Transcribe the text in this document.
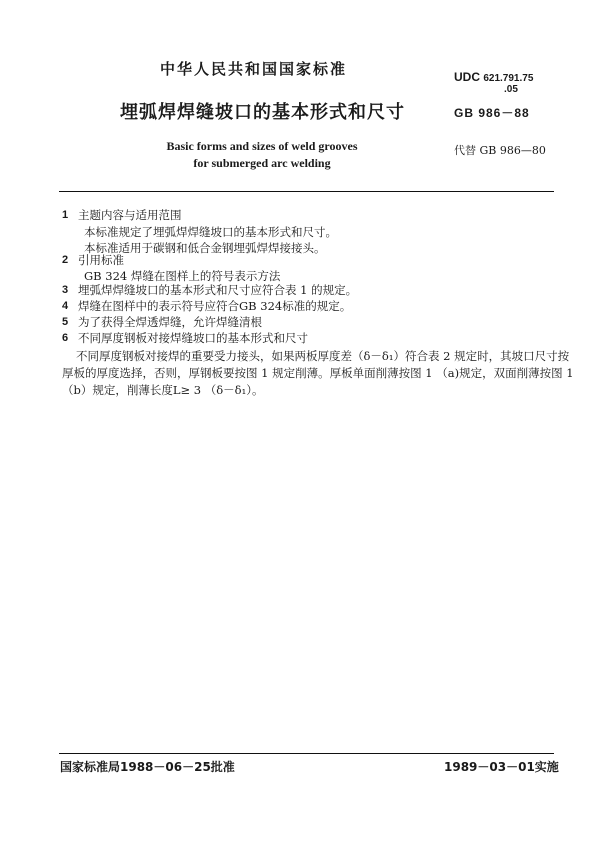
中华人民共和国国家标准	UDC 621.791.75
.05
埋弧焊焊缝坡口的基本形式和尺寸	GB 986－88
Basic forms and sizes of weld grooves
for submerged arc welding
代替 GB 986—80
1 主题内容与适用范围
本标准规定了埋弧焊焊缝坡口的基本形式和尺寸。
本标准适用于碳钢和低合金钢埋弧焊焊接接头。
2 引用标准
GB 324 焊缝在图样上的符号表示方法
3 埋弧焊焊缝坡口的基本形式和尺寸应符合表 1 的规定。
4 焊缝在图样中的表示符号应符合GB 324标准的规定。
5 为了获得全焊透焊缝，允许焊缝清根
6 不同厚度钢板对接焊缝坡口的基本形式和尺寸
不同厚度钢板对接焊的重要受力接头，如果两板厚度差（δ－δ₁）符合表 2 规定时，其坡口尺寸按
厚板的厚度选择，否则，厚钢板要按图 1 规定削薄。厚板单面削薄按图 1 （a)规定，双面削薄按图 1
（b）规定，削薄长度L≥ 3 （δ－δ₁）。
国家标准局1988－06－25批准	1989－03－01实施
